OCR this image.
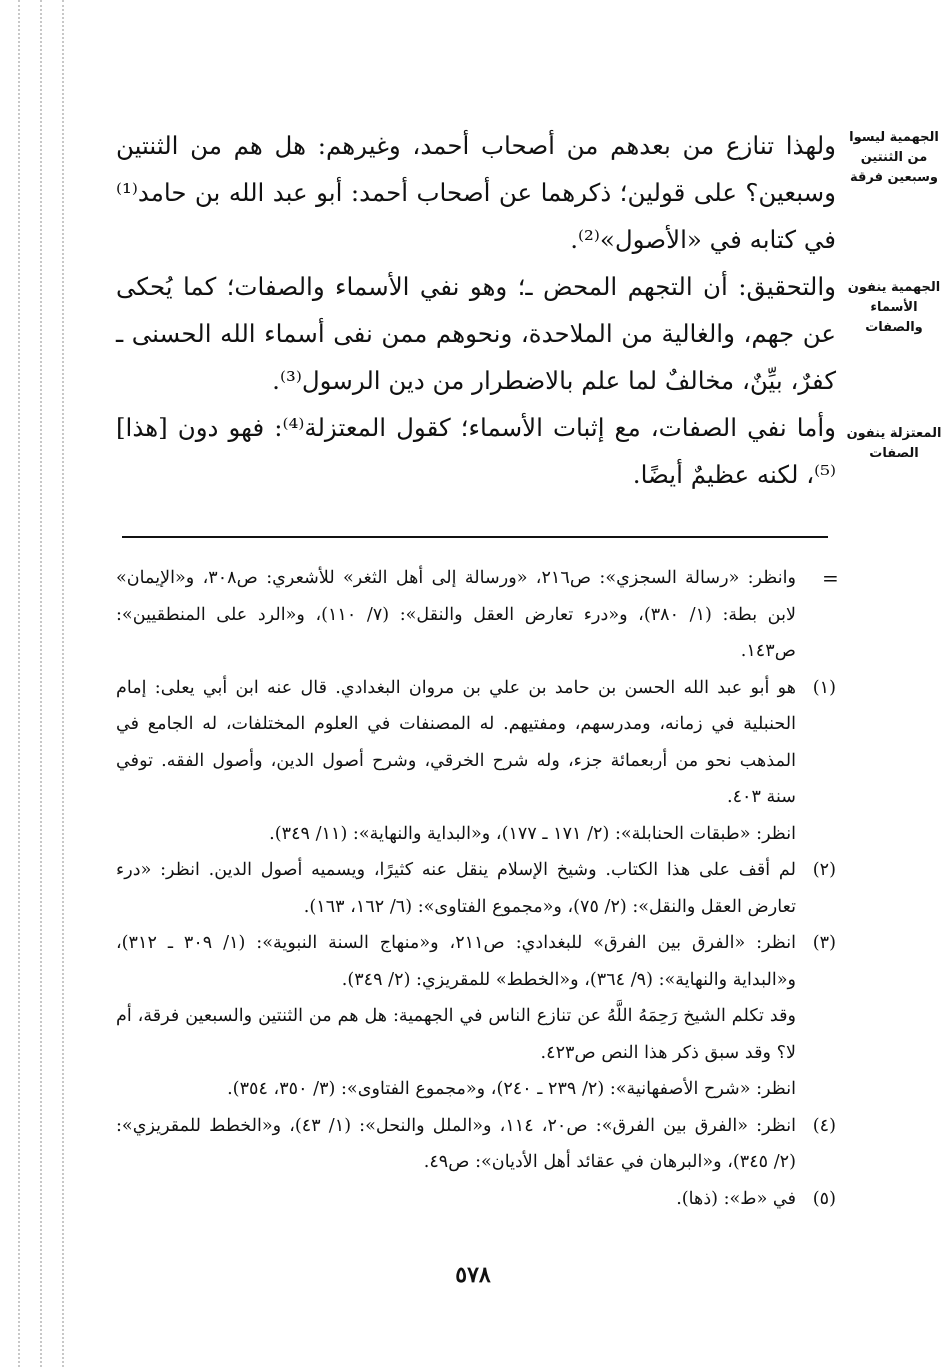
الجهمية ليسوا من الثنتين وسبعين فرقة
الجهمية ينفون الأسماء والصفات
المعتزلة ينفون الصفات

ولهذا تنازع من بعدهم من أصحاب أحمد، وغيرهم: هل هم من الثنتين وسبعين؟ على قولين؛ ذكرهما عن أصحاب أحمد: أبو عبد الله بن حامد⁽¹⁾ في كتابه في «الأصول»⁽²⁾.

والتحقيق: أن التجهم المحض ـ؛ وهو نفي الأسماء والصفات؛ كما يُحكى عن جهم، والغالية من الملاحدة، ونحوهم ممن نفى أسماء الله الحسنى ـ كفرٌ، بيِّنٌ، مخالفٌ لما علم بالاضطرار من دين الرسول⁽³⁾.

وأما نفي الصفات، مع إثبات الأسماء؛ كقول المعتزلة⁽⁴⁾: فهو دون [هذا]⁽⁵⁾، لكنه عظيمٌ أيضًا.

=

وانظر: «رسالة السجزي»: ص٢١٦، «ورسالة إلى أهل الثغر» للأشعري: ص٣٠٨، و«الإيمان» لابن بطة: (١/ ٣٨٠)، و«درء تعارض العقل والنقل»: (٧/ ١١٠)، و«الرد على المنطقيين»: ص١٤٣.

(١)

هو أبو عبد الله الحسن بن حامد بن علي بن مروان البغدادي. قال عنه ابن أبي يعلى: إمام الحنبلية في زمانه، ومدرسهم، ومفتيهم. له المصنفات في العلوم المختلفات، له الجامع في المذهب نحو من أربعمائة جزء، وله شرح الخرقي، وشرح أصول الدين، وأصول الفقه. توفي سنة ٤٠٣.

انظر: «طبقات الحنابلة»: (٢/ ١٧١ ـ ١٧٧)، و«البداية والنهاية»: (١١/ ٣٤٩).

(٢)

لم أقف على هذا الكتاب. وشيخ الإسلام ينقل عنه كثيرًا، ويسميه أصول الدين. انظر: «درء تعارض العقل والنقل»: (٢/ ٧٥)، و«مجموع الفتاوى»: (٦/ ١٦٢، ١٦٣).

(٣)

انظر: «الفرق بين الفرق» للبغدادي: ص٢١١، و«منهاج السنة النبوية»: (١/ ٣٠٩ ـ ٣١٢)، و«البداية والنهاية»: (٩/ ٣٦٤)، و«الخطط» للمقريزي: (٢/ ٣٤٩).

وقد تكلم الشيخ رَحِمَهُ اللَّهُ عن تنازع الناس في الجهمية: هل هم من الثنتين والسبعين فرقة، أم لا؟ وقد سبق ذكر هذا النص ص٤٢٣.

انظر: «شرح الأصفهانية»: (٢/ ٢٣٩ ـ ٢٤٠)، و«مجموع الفتاوى»: (٣/ ٣٥٠، ٣٥٤).

(٤)

انظر: «الفرق بين الفرق»: ص٢٠، ١١٤، و«الملل والنحل»: (١/ ٤٣)، و«الخطط للمقريزي»: (٢/ ٣٤٥)، و«البرهان في عقائد أهل الأديان»: ص٤٩.

(٥)

في «ط»: (ذها).

٥٧٨
